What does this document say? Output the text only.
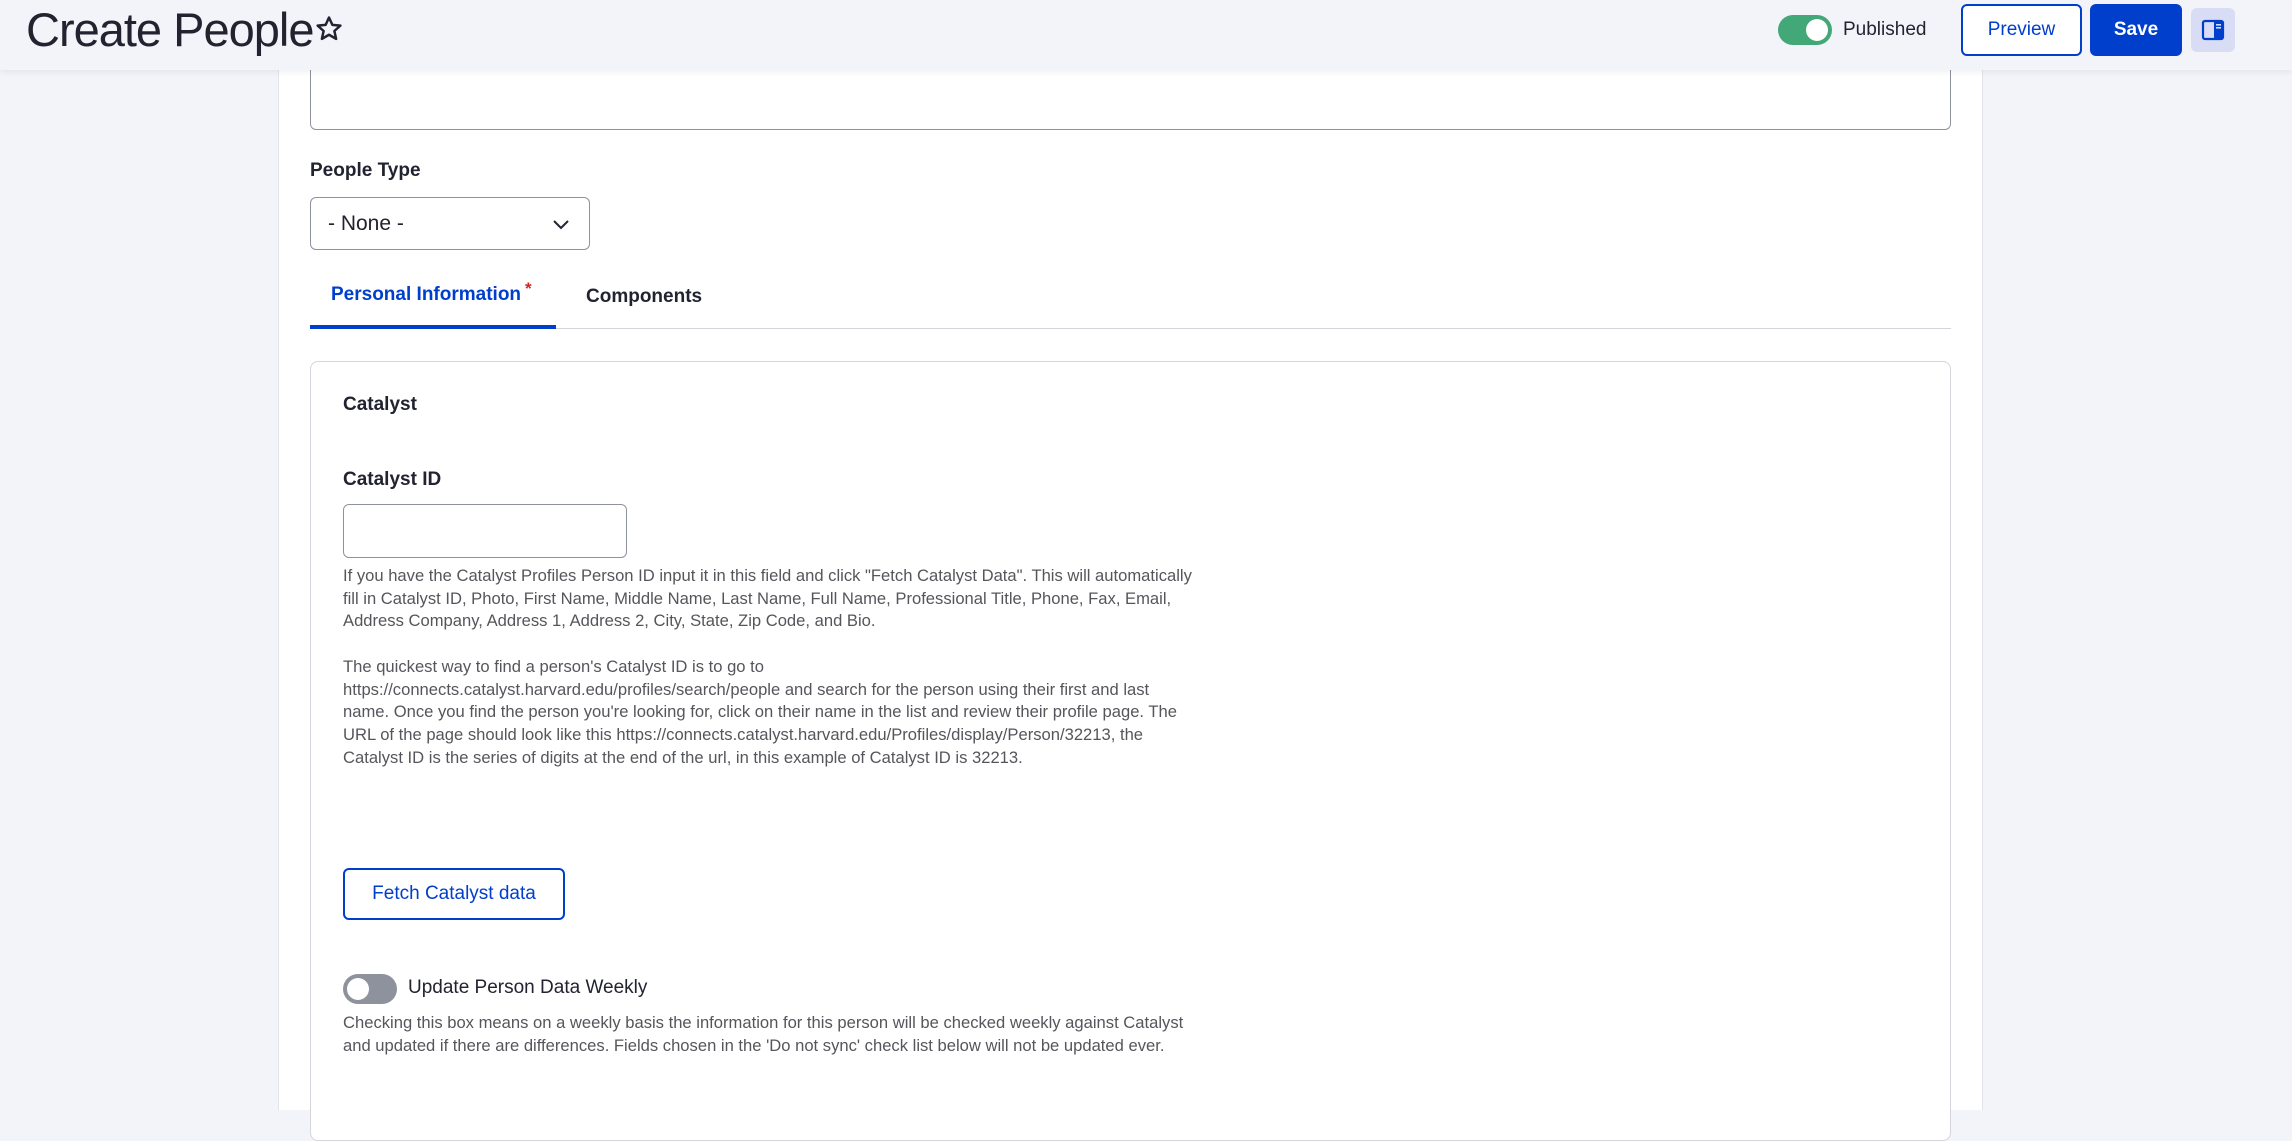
People Type
- None -
Personal Information *	Components
Catalyst
Catalyst ID
If you have the Catalyst Profiles Person ID input it in this field and click "Fetch Catalyst Data". This will automatically fill in Catalyst ID, Photo, First Name, Middle Name, Last Name, Full Name, Professional Title, Phone, Fax, Email, Address Company, Address 1, Address 2, City, State, Zip Code, and Bio.
The quickest way to find a person's Catalyst ID is to go to https://connects.catalyst.harvard.edu/profiles/search/people and search for the person using their first and last name. Once you find the person you're looking for, click on their name in the list and review their profile page. The URL of the page should look like this https://connects.catalyst.harvard.edu/Profiles/display/Person/32213, the Catalyst ID is the series of digits at the end of the url, in this example of Catalyst ID is 32213.
Fetch Catalyst data
Update Person Data Weekly
Checking this box means on a weekly basis the information for this person will be checked weekly against Catalyst and updated if there are differences. Fields chosen in the 'Do not sync' check list below will not be updated ever.
Create People	Published	Preview	Save
